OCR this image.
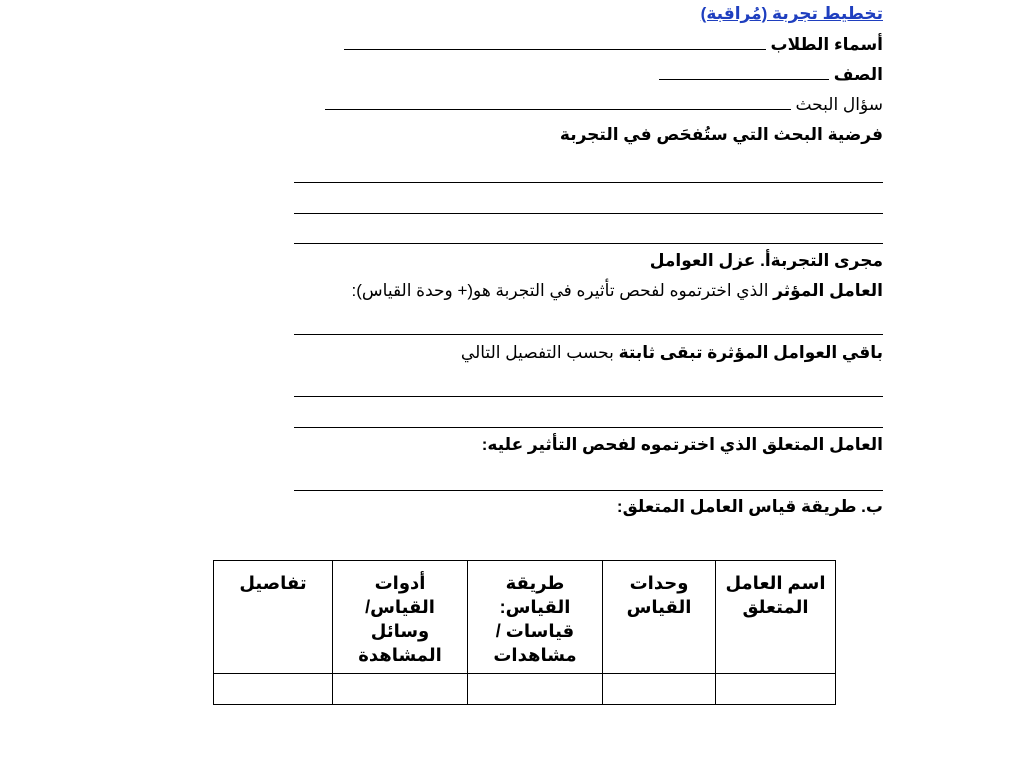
تخطيط تجربة (مُراقبة)
أسماء الطلاب
الصف
سؤال البحث
فرضية البحث التي ستُفحَص في التجربة
مجرى التجربةأ. عزل العوامل
العامل المؤثر الذي اخترتموه لفحص تأثيره في التجربة هو(+ وحدة القياس):
باقي العوامل المؤثرة تبقى ثابتة بحسب التفصيل التالي
العامل المتعلق الذي اخترتموه لفحص التأثير عليه:
ب. طريقة قياس العامل المتعلق:
اسم العامل المتعلق	وحدات القياس	طريقة القياس: قياسات / مشاهدات	أدوات القياس/ وسائل المشاهدة	تفاصيل
